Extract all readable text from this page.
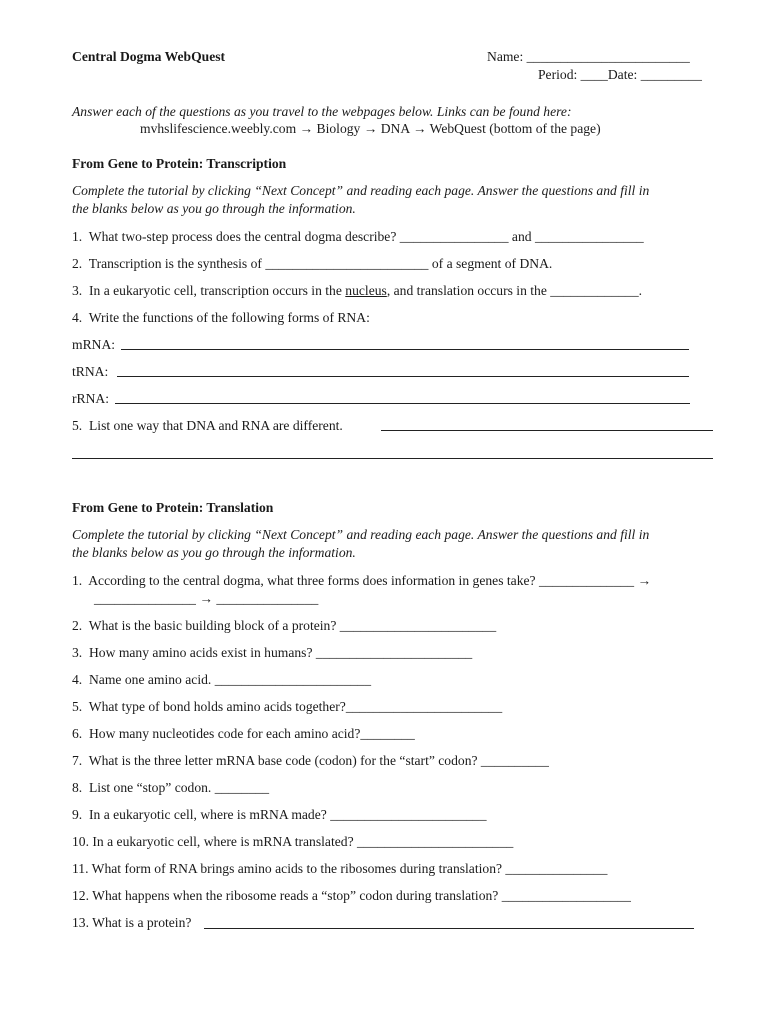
Central Dogma WebQuest	Name: ________________________
Period: ____Date: _________
Answer each of the questions as you travel to the webpages below. Links can be found here:
mvhslifescience.weebly.com → Biology → DNA → WebQuest (bottom of the page)
From Gene to Protein: Transcription
Complete the tutorial by clicking “Next Concept” and reading each page. Answer the questions and fill in
the blanks below as you go through the information.
1.  What two-step process does the central dogma describe? ________________ and ________________
2.  Transcription is the synthesis of ________________________ of a segment of DNA.
3.  In a eukaryotic cell, transcription occurs in the nucleus, and translation occurs in the _____________.
4.  Write the functions of the following forms of RNA:
mRNA:
tRNA:
rRNA:
5.  List one way that DNA and RNA are different.
From Gene to Protein: Translation
Complete the tutorial by clicking “Next Concept” and reading each page. Answer the questions and fill in
the blanks below as you go through the information.
1.  According to the central dogma, what three forms does information in genes take? ______________ →
_______________ → _______________
2.  What is the basic building block of a protein? _______________________
3.  How many amino acids exist in humans? _______________________
4.  Name one amino acid. _______________________
5.  What type of bond holds amino acids together?_______________________
6.  How many nucleotides code for each amino acid?________
7.  What is the three letter mRNA base code (codon) for the “start” codon? __________
8.  List one “stop” codon. ________
9.  In a eukaryotic cell, where is mRNA made? _______________________
10. In a eukaryotic cell, where is mRNA translated? _______________________
11. What form of RNA brings amino acids to the ribosomes during translation? _______________
12. What happens when the ribosome reads a “stop” codon during translation? ___________________
13. What is a protein?
